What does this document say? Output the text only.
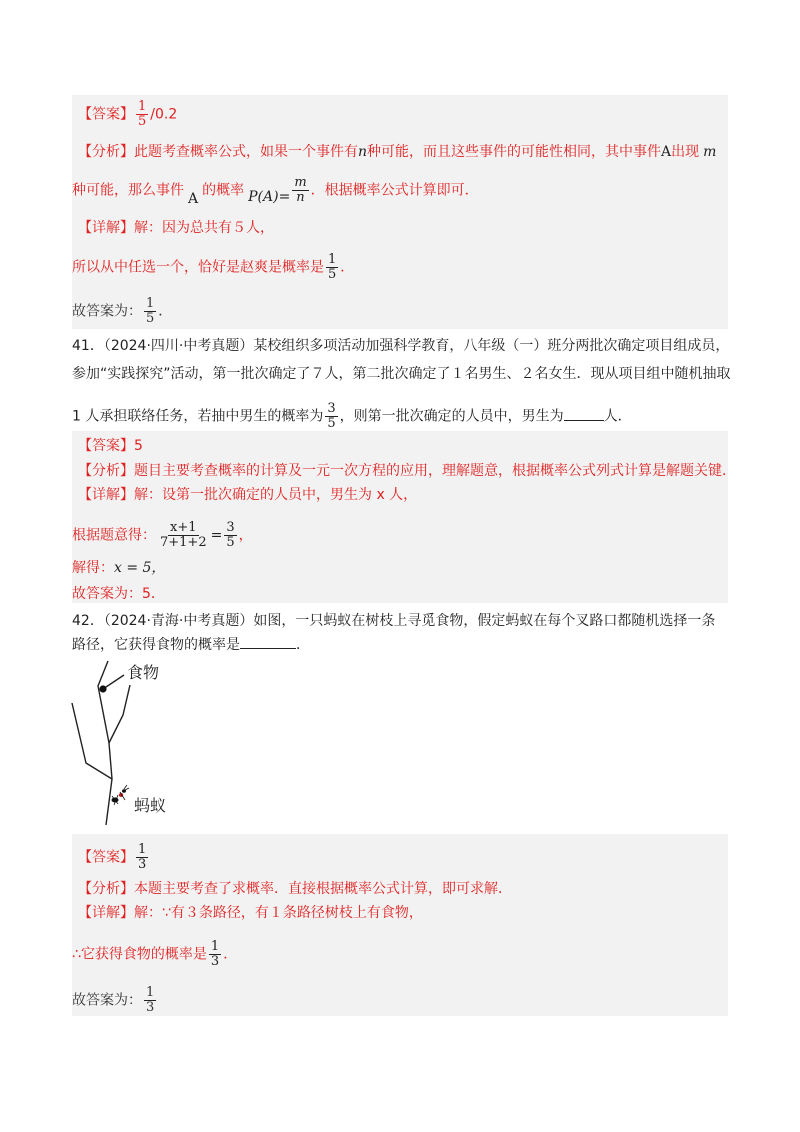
【答案】 $\frac{1}{5} /0.2$
【分析】此题考查概率公式，如果一个事件有n种可能，而且这些事件的可能性相同，其中事件A出现 m
种可能，那么事件 A 的概率 $P(A)= \frac{m}{n}$ ．根据概率公式计算即可．
【详解】解：因为总共有５人，
所以从中任选一个，恰好是赵爽是概率是 $\frac{1}{5}$ ．
故答案为： $\frac{1}{5}$ ．
41．（2024·四川·中考真题）某校组织多项活动加强科学教育，八年级（一）班分两批次确定项目组成员，
参加“实践探究”活动，第一批次确定了７人，第二批次确定了１名男生、２名女生．现从项目组中随机抽取
1 人承担联络任务，若抽中男生的概率为 $\frac{3}{5}$ ，则第一批次确定的人员中，男生为	人．
【答案】5
【分析】题目主要考查概率的计算及一元一次方程的应用，理解题意，根据概率公式列式计算是解题关键．
【详解】解：设第一批次确定的人员中，男生为 x 人，
根据题意得： $\frac{x+1}{7+1+2} = \frac{3}{5}$ ，
解得：x = 5，
故答案为：5．
42．（2024·青海·中考真题）如图，一只蚂蚁在树枝上寻觅食物，假定蚂蚁在每个叉路口都随机选择一条
路径，它获得食物的概率是	．
食物
蚂蚁
【答案】 $\frac{1}{3}$
【分析】本题主要考查了求概率．直接根据概率公式计算，即可求解．
【详解】解：∵有３条路径，有１条路径树枝上有食物，
∴它获得食物的概率是 $\frac{1}{3}$ ．
故答案为： $\frac{1}{3}$
